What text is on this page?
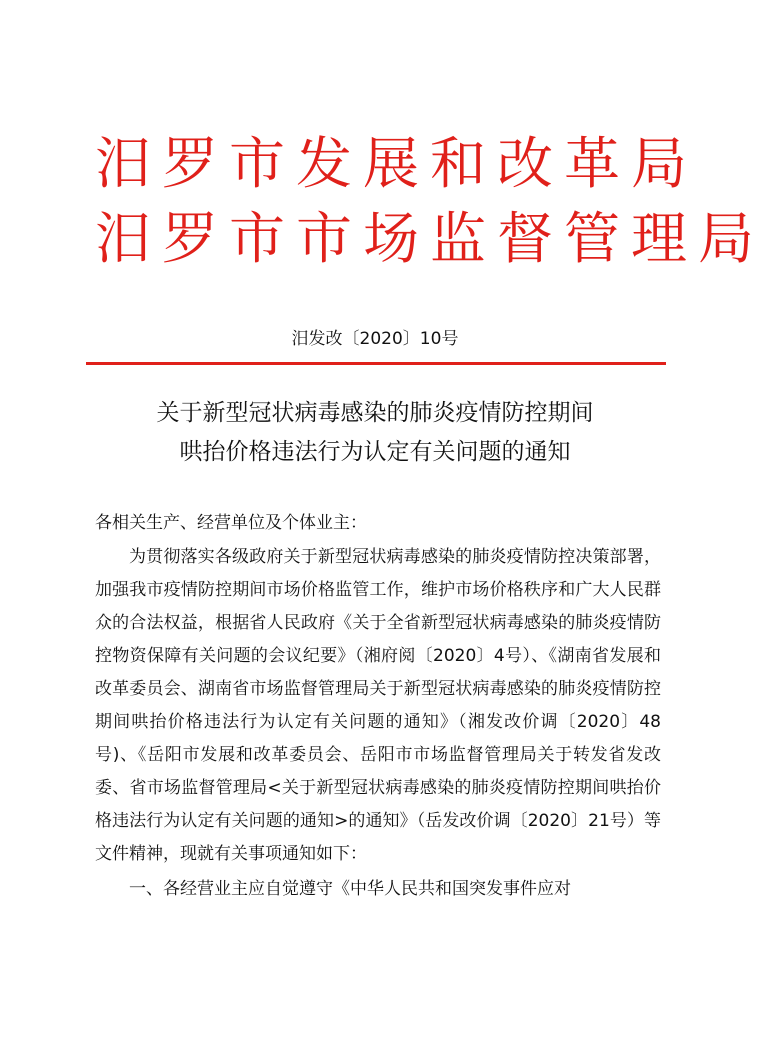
汨罗市发展和改革局
汨罗市市场监督管理局
汨发改〔2020〕10号
关于新型冠状病毒感染的肺炎疫情防控期间
哄抬价格违法行为认定有关问题的通知

各相关生产、经营单位及个体业主：

为贯彻落实各级政府关于新型冠状病毒感染的肺炎疫情防控决策部署，加强我市疫情防控期间市场价格监管工作，维护市场价格秩序和广大人民群众的合法权益，根据省人民政府《关于全省新型冠状病毒感染的肺炎疫情防控物资保障有关问题的会议纪要》（湘府阅〔2020〕4号）、《湖南省发展和改革委员会、湖南省市场监督管理局关于新型冠状病毒感染的肺炎疫情防控期间哄抬价格违法行为认定有关问题的通知》（湘发改价调〔2020〕48号)、《岳阳市发展和改革委员会、岳阳市市场监督管理局关于转发省发改委、省市场监督管理局<关于新型冠状病毒感染的肺炎疫情防控期间哄抬价格违法行为认定有关问题的通知>的通知》（岳发改价调〔2020〕21号）等文件精神，现就有关事项通知如下：

一、各经营业主应自觉遵守《中华人民共和国突发事件应对
